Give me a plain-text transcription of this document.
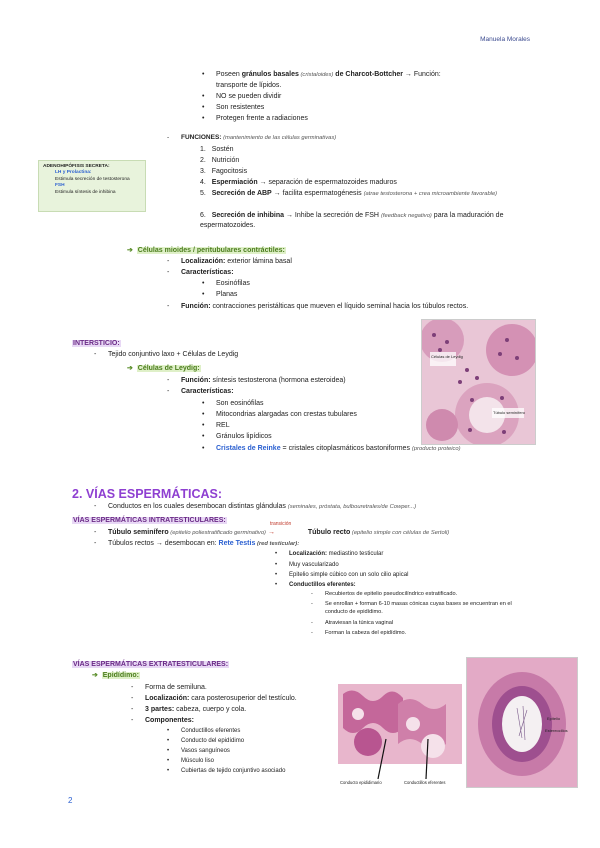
Manuela Morales
• Poseen gránulos basales (cristaloides) de Charcot-Bottcher → Función:
transporte de lípidos.
• NO se pueden dividir
• Son resistentes
• Protegen frente a radiaciones
- FUNCIONES: (mantenimiento de las células germinativas)
1. Sostén
2. Nutrición
3. Fagocitosis
4. Espermiación → separación de espermatozoides maduros
5. Secreción de ABP → facilita espermatogénesis (atrae testosterona + crea microambiente favorable)
6. Secreción de inhibina → Inhibe la secreción de FSH (feedback negativo) para la maduración de espermatozoides.
ADENOHIPÓFISIS SECRETA:
LH y Prolactina:
Estimula secreción de testosterona
FSH
Estimula síntesis de inhibina
➔ Células mioides / peritubulares contráctiles:
- Localización: exterior lámina basal
- Características:
• Eosinófilas
• Planas
- Función: contracciones peristálticas que mueven el líquido seminal hacia los túbulos rectos.
INTERSTICIO:
- Tejido conjuntivo laxo + Células de Leydig
➔ Células de Leydig:
- Función: síntesis testosterona (hormona esteroidea)
- Características:
• Son eosinófilas
• Mitocondrias alargadas con crestas tubulares
• REL
• Gránulos lipídicos
• Cristales de Reinke = cristales citoplasmáticos bastoniformes (producto proteico)
Células de Leydig
Túbulo seminífero
2. VÍAS ESPERMÁTICAS:
- Conductos en los cuales desembocan distintas glándulas (seminales, próstata, bulbouretrales/de Cowper...)
VÍAS ESPERMÁTICAS INTRATESTICULARES:
- Túbulo seminífero (epitelio poliestratificado germinativo)
transición
→	Túbulo recto (epitelio simple con células de Sertoli)
- Túbulos rectos → desembocan en: Rete Testis (red testicular):
• Localización: mediastino testicular
• Muy vascularizado
• Epitelio simple cúbico con un solo cilio apical
• Conductillos eferentes:
- Recubiertos de epitelio pseudocilíndrico estratificado.
- Se enrollan + forman 6-10 masas cónicas cuyas bases se encuentran en el conducto de epidídimo.
- Atraviesan la túnica vaginal
- Forman la cabeza del epidídimo.
VÍAS ESPERMÁTICAS EXTRATESTICULARES:
➔ Epidídimo:
- Forma de semiluna.
- Localización: cara posterosuperior del testículo.
- 3 partes: cabeza, cuerpo y cola.
- Componentes:
• Conductillos eferentes
• Conducto del epidídimo
• Vasos sanguíneos
• Músculo liso
• Cubiertas de tejido conjuntivo asociado
Conducto epididimario	Conductillos eferentes
Epitelio
Estereocilios
2
